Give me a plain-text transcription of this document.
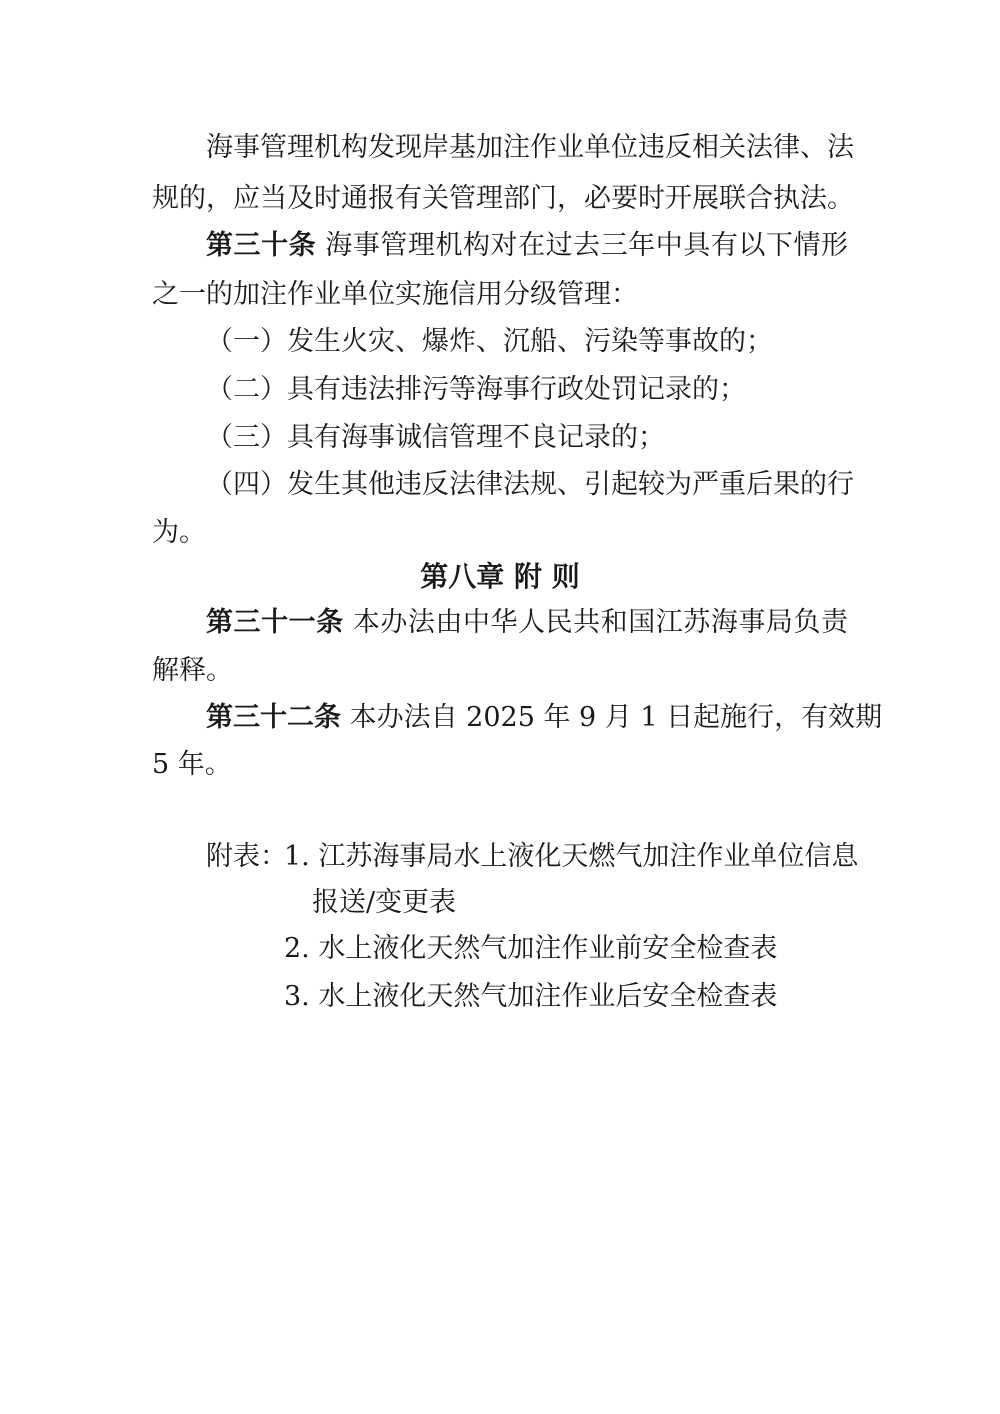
海事管理机构发现岸基加注作业单位违反相关法律、法
规的，应当及时通报有关管理部门，必要时开展联合执法。
第三十条 海事管理机构对在过去三年中具有以下情形
之一的加注作业单位实施信用分级管理：
（一）发生火灾、爆炸、沉船、污染等事故的；
（二）具有违法排污等海事行政处罚记录的；
（三）具有海事诚信管理不良记录的；
（四）发生其他违反法律法规、引起较为严重后果的行
为。
第八章 附 则
第三十一条 本办法由中华人民共和国江苏海事局负责
解释。
第三十二条 本办法自 2025 年 9 月 1 日起施行，有效期
5 年。
附表：
1. 江苏海事局水上液化天燃气加注作业单位信息
报送/变更表
2. 水上液化天然气加注作业前安全检查表
3. 水上液化天然气加注作业后安全检查表
